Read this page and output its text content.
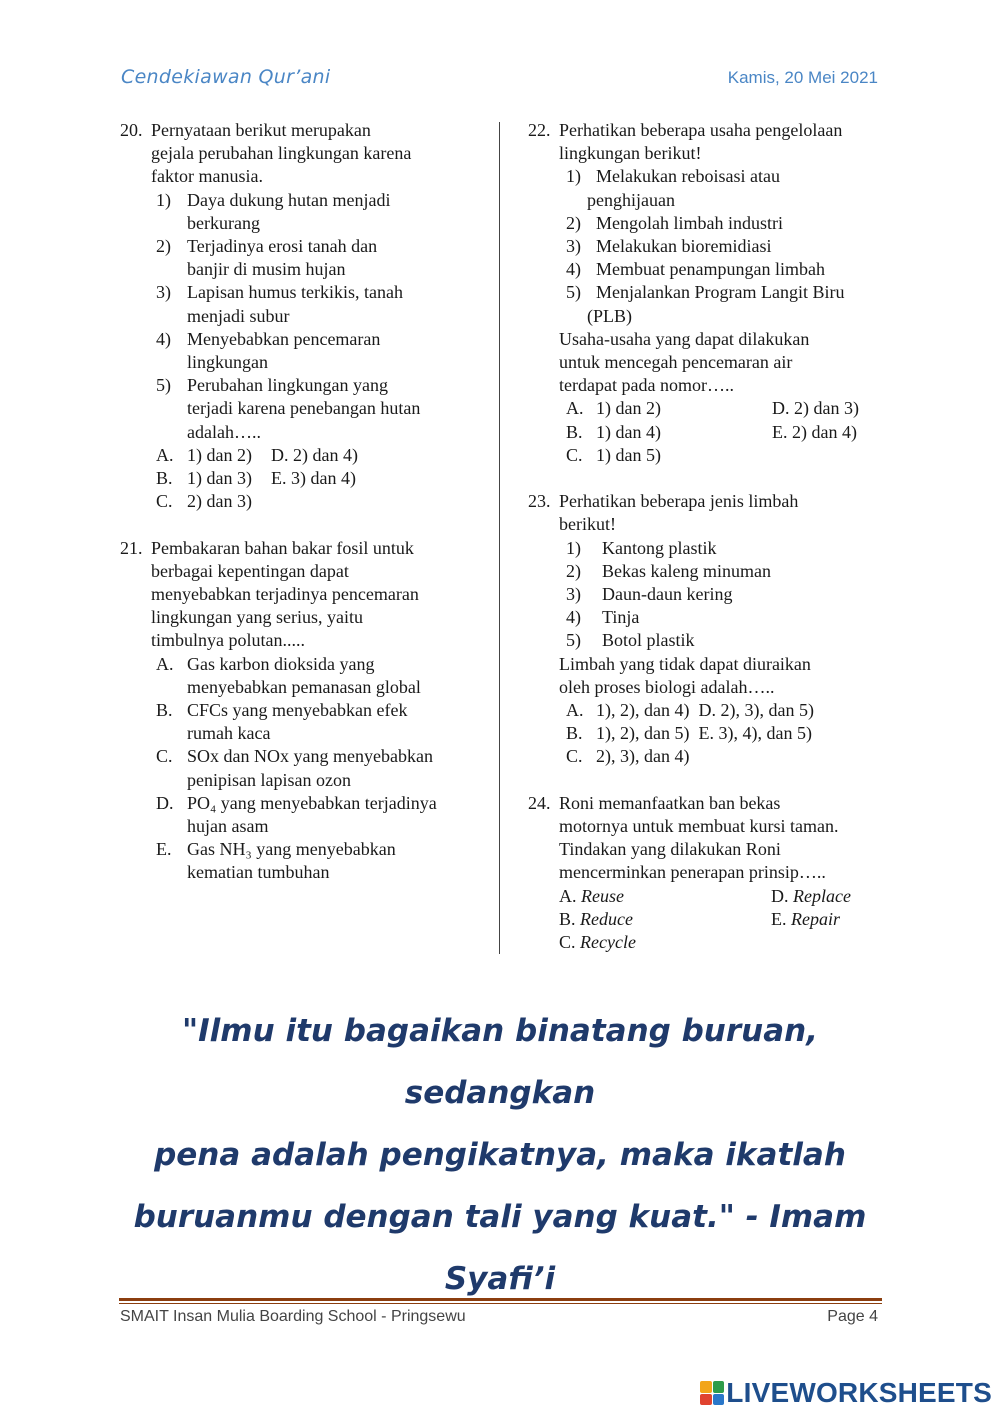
Cendekiawan Qur’ani	Kamis, 20 Mei 2021
20. Pernyataan berikut merupakan
gejala perubahan lingkungan karena
faktor manusia.
1) Daya dukung hutan menjadi
berkurang
2) Terjadinya erosi tanah dan
banjir di musim hujan
3) Lapisan humus terkikis, tanah
menjadi subur
4) Menyebabkan pencemaran
lingkungan
5) Perubahan lingkungan yang
terjadi karena penebangan hutan
adalah…..
A. 1) dan 2) D. 2) dan 4)
B. 1) dan 3) E. 3) dan 4)
C. 2) dan 3)
21. Pembakaran bahan bakar fosil untuk
berbagai kepentingan dapat
menyebabkan terjadinya pencemaran
lingkungan yang serius, yaitu
timbulnya polutan.....
A. Gas karbon dioksida yang
menyebabkan pemanasan global
B. CFCs yang menyebabkan efek
rumah kaca
C. SOx dan NOx yang menyebabkan
penipisan lapisan ozon
D. PO₄ yang menyebabkan terjadinya
hujan asam
E. Gas NH₃ yang menyebabkan
kematian tumbuhan
22. Perhatikan beberapa usaha pengelolaan
lingkungan berikut!
1) Melakukan reboisasi atau
penghijauan
2) Mengolah limbah industri
3) Melakukan bioremidiasi
4) Membuat penampungan limbah
5) Menjalankan Program Langit Biru
(PLB)
Usaha-usaha yang dapat dilakukan
untuk mencegah pencemaran air
terdapat pada nomor…..
A. 1) dan 2)	D. 2) dan 3)
B. 1) dan 4)	E. 2) dan 4)
C. 1) dan 5)
23. Perhatikan beberapa jenis limbah
berikut!
1)	Kantong plastik
2)	Bekas kaleng minuman
3)	Daun-daun kering
4)	Tinja
5)	Botol plastik
Limbah yang tidak dapat diuraikan
oleh proses biologi adalah…..
A. 1), 2), dan 4)  D. 2), 3), dan 5)
B. 1), 2), dan 5)  E. 3), 4), dan 5)
C. 2), 3), dan 4)
24. Roni memanfaatkan ban bekas
motornya untuk membuat kursi taman.
Tindakan yang dilakukan Roni
mencerminkan penerapan prinsip…..
A. Reuse	D. Replace
B. Reduce	E. Repair
C. Recycle
"Ilmu itu bagaikan binatang buruan, sedangkan
pena adalah pengikatnya, maka ikatlah
buruanmu dengan tali yang kuat." - Imam Syafi’i
SMAIT Insan Mulia Boarding School - Pringsewu	Page 4
LIVEWORKSHEETS
